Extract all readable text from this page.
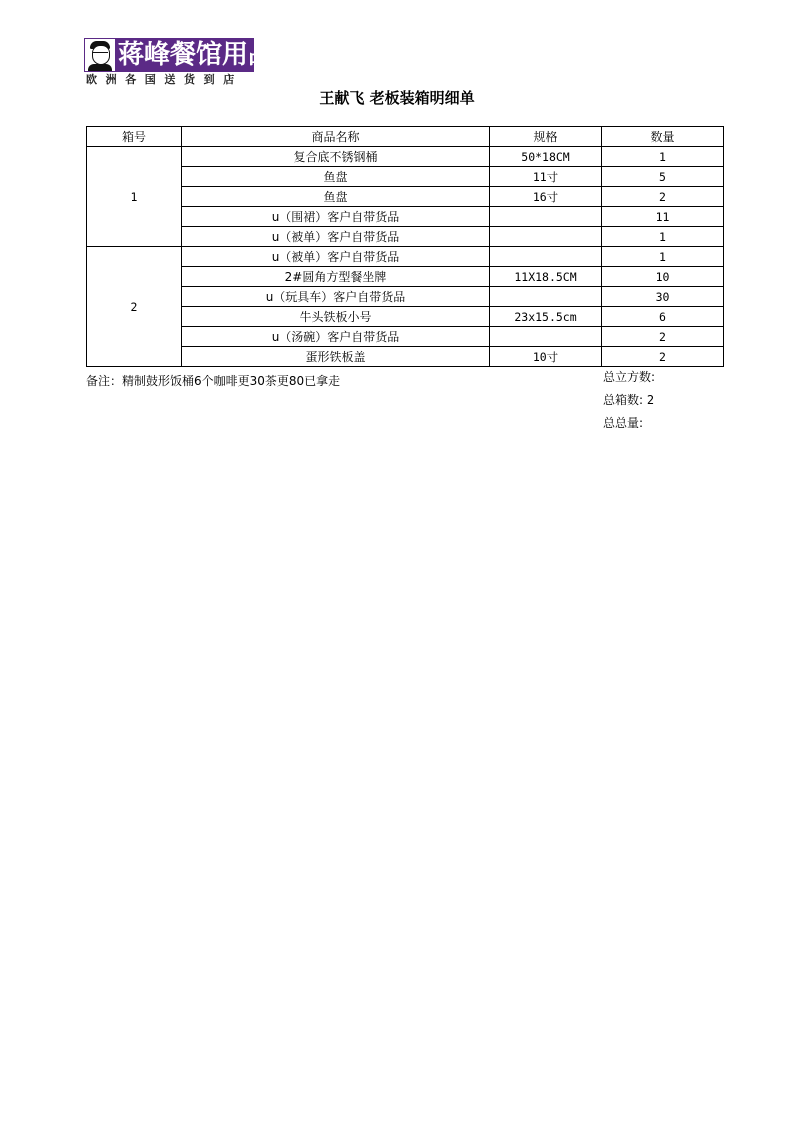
蒋峰餐馆用品
欧洲各国送货到店
王献飞 老板装箱明细单
箱号	商品名称	规格	数量
1	复合底不锈钢桶	50*18CM	1
	鱼盘	11寸	5
	鱼盘	16寸	2
	u（围裙）客户自带货品		11
	u（被单）客户自带货品		1
2	u（被单）客户自带货品		1
	2#圆角方型餐坐牌	11X18.5CM	10
	u（玩具车）客户自带货品		30
	牛头铁板小号	23x15.5cm	6
	u（汤碗）客户自带货品		2
	蛋形铁板盖	10寸	2
备注：精制鼓形饭桶6个咖啡更30茶更80已拿走	总立方数:
总箱数: 2
总总量:
